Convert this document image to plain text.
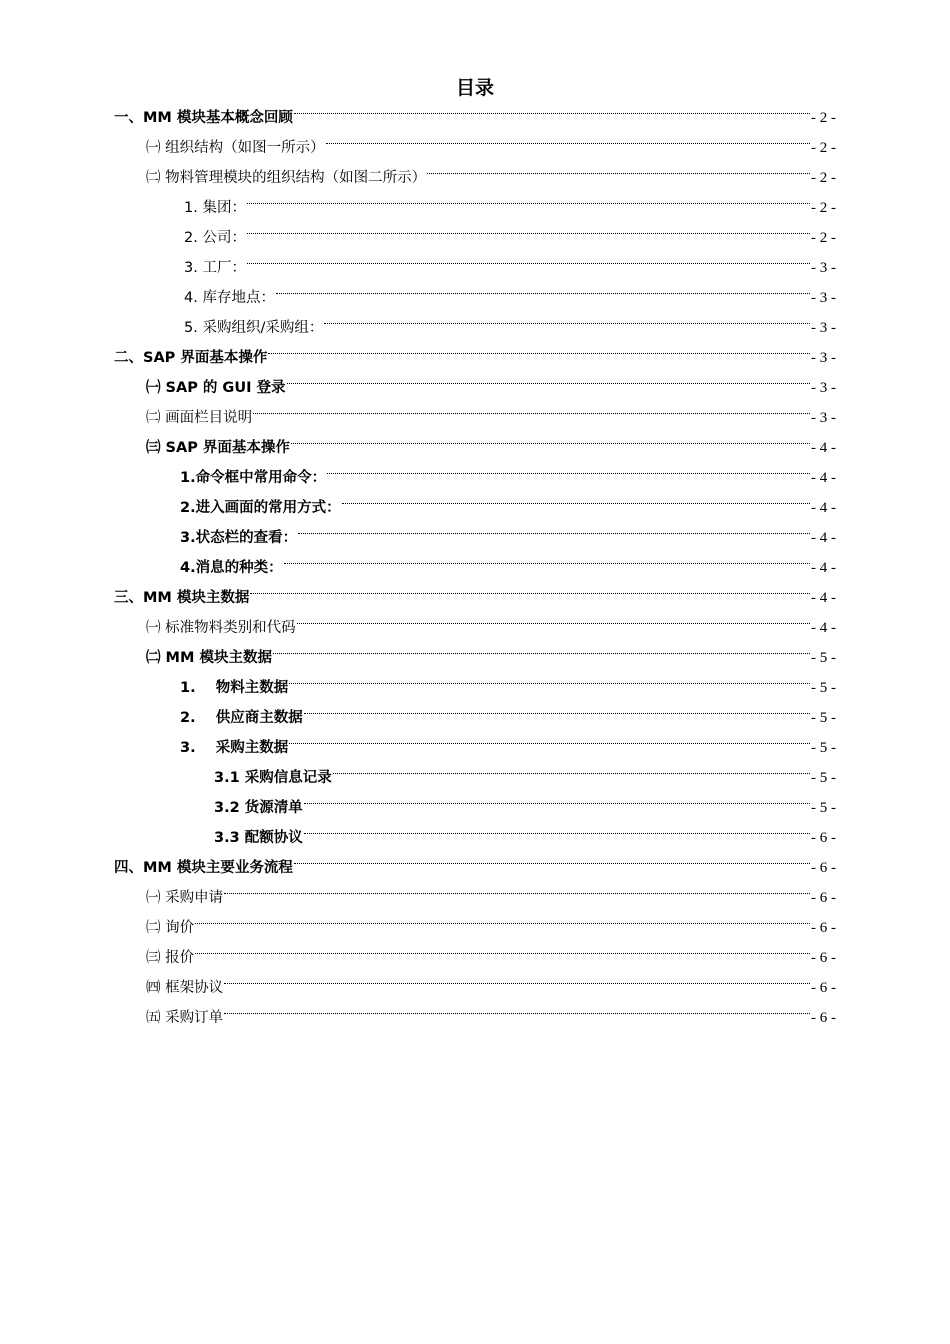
目录
一、MM 模块基本概念回顾	- 2 -
㈠ 组织结构（如图一所示）	- 2 -
㈡ 物料管理模块的组织结构（如图二所示）	- 2 -
1. 集团：	- 2 -
2. 公司：	- 2 -
3. 工厂：	- 3 -
4. 库存地点：	- 3 -
5. 采购组织/采购组：	- 3 -
二、SAP 界面基本操作	- 3 -
㈠ SAP 的 GUI 登录	- 3 -
㈡ 画面栏目说明	- 3 -
㈢ SAP 界面基本操作	- 4 -
1.命令框中常用命令：	- 4 -
2.进入画面的常用方式：	- 4 -
3.状态栏的查看：	- 4 -
4.消息的种类：	- 4 -
三、MM 模块主数据	- 4 -
㈠ 标准物料类别和代码	- 4 -
㈡ MM 模块主数据	- 5 -
1.    物料主数据	- 5 -
2.    供应商主数据	- 5 -
3.    采购主数据	- 5 -
3.1 采购信息记录	- 5 -
3.2 货源清单	- 5 -
3.3 配额协议	- 6 -
四、MM 模块主要业务流程	- 6 -
㈠ 采购申请	- 6 -
㈡ 询价	- 6 -
㈢ 报价	- 6 -
㈣ 框架协议	- 6 -
㈤ 采购订单	- 6 -
